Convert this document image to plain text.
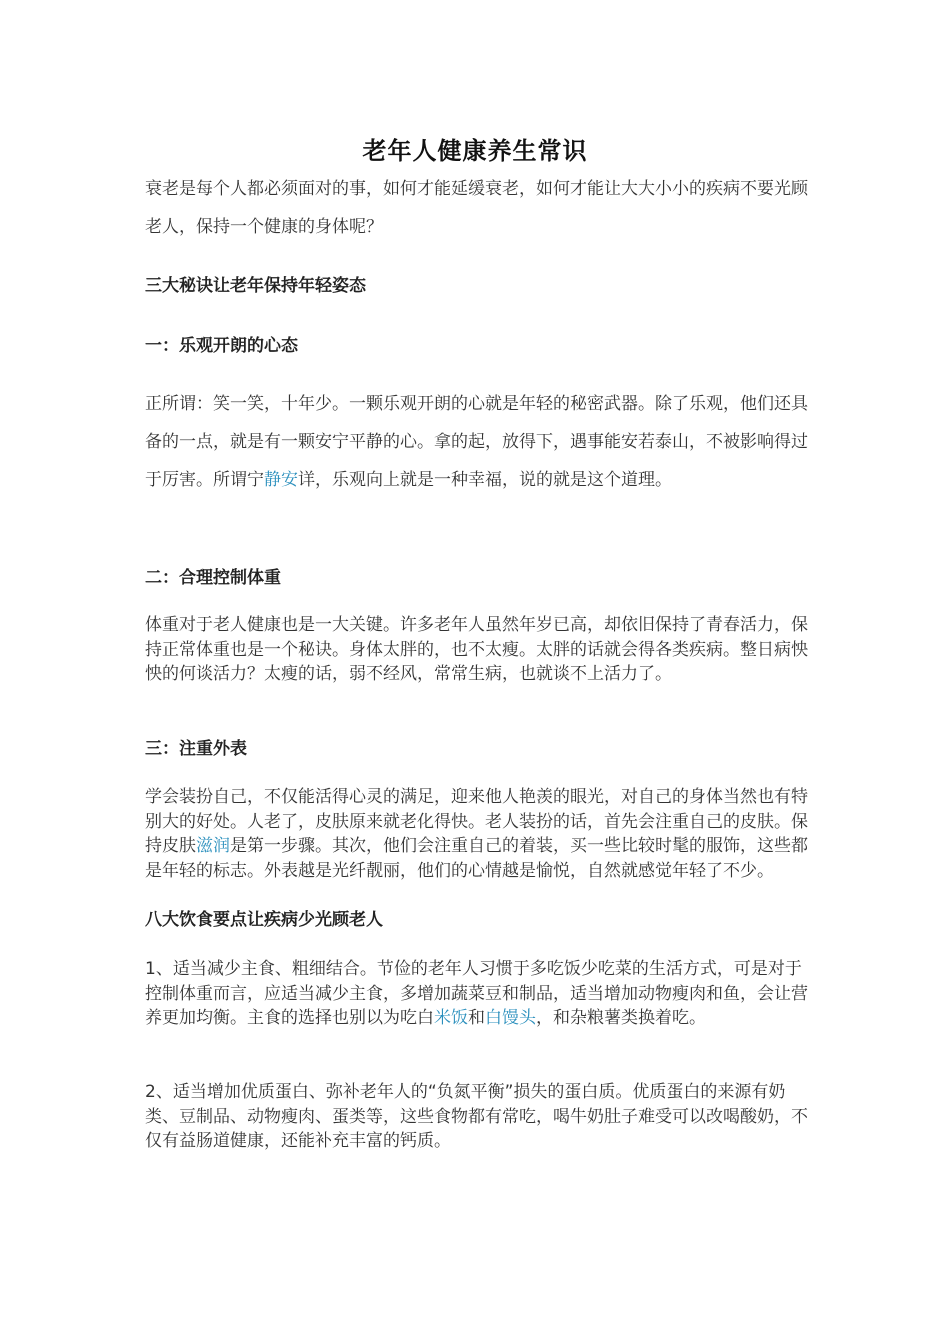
老年人健康养生常识
衰老是每个人都必须面对的事，如何才能延缓衰老，如何才能让大大小小的疾病不要光顾老人，保持一个健康的身体呢？
三大秘诀让老年保持年轻姿态
一：乐观开朗的心态
正所谓：笑一笑，十年少。一颗乐观开朗的心就是年轻的秘密武器。除了乐观，他们还具备的一点，就是有一颗安宁平静的心。拿的起，放得下，遇事能安若泰山，不被影响得过于厉害。所谓宁静安详，乐观向上就是一种幸福，说的就是这个道理。
二：合理控制体重
体重对于老人健康也是一大关键。许多老年人虽然年岁已高，却依旧保持了青春活力，保持正常体重也是一个秘诀。身体太胖的，也不太瘦。太胖的话就会得各类疾病。整日病怏怏的何谈活力？太瘦的话，弱不经风，常常生病，也就谈不上活力了。
三：注重外表
学会装扮自己，不仅能活得心灵的满足，迎来他人艳羡的眼光，对自己的身体当然也有特别大的好处。人老了，皮肤原来就老化得快。老人装扮的话，首先会注重自己的皮肤。保持皮肤滋润是第一步骤。其次，他们会注重自己的着装，买一些比较时髦的服饰，这些都是年轻的标志。外表越是光纤靓丽，他们的心情越是愉悦，自然就感觉年轻了不少。
八大饮食要点让疾病少光顾老人
1、适当减少主食、粗细结合。节俭的老年人习惯于多吃饭少吃菜的生活方式，可是对于控制体重而言，应适当减少主食，多增加蔬菜豆和制品，适当增加动物瘦肉和鱼，会让营养更加均衡。主食的选择也别以为吃白米饭和白馒头，和杂粮薯类换着吃。
2、适当增加优质蛋白、弥补老年人的“负氮平衡”损失的蛋白质。优质蛋白的来源有奶类、豆制品、动物瘦肉、蛋类等，这些食物都有常吃，喝牛奶肚子难受可以改喝酸奶，不仅有益肠道健康，还能补充丰富的钙质。
